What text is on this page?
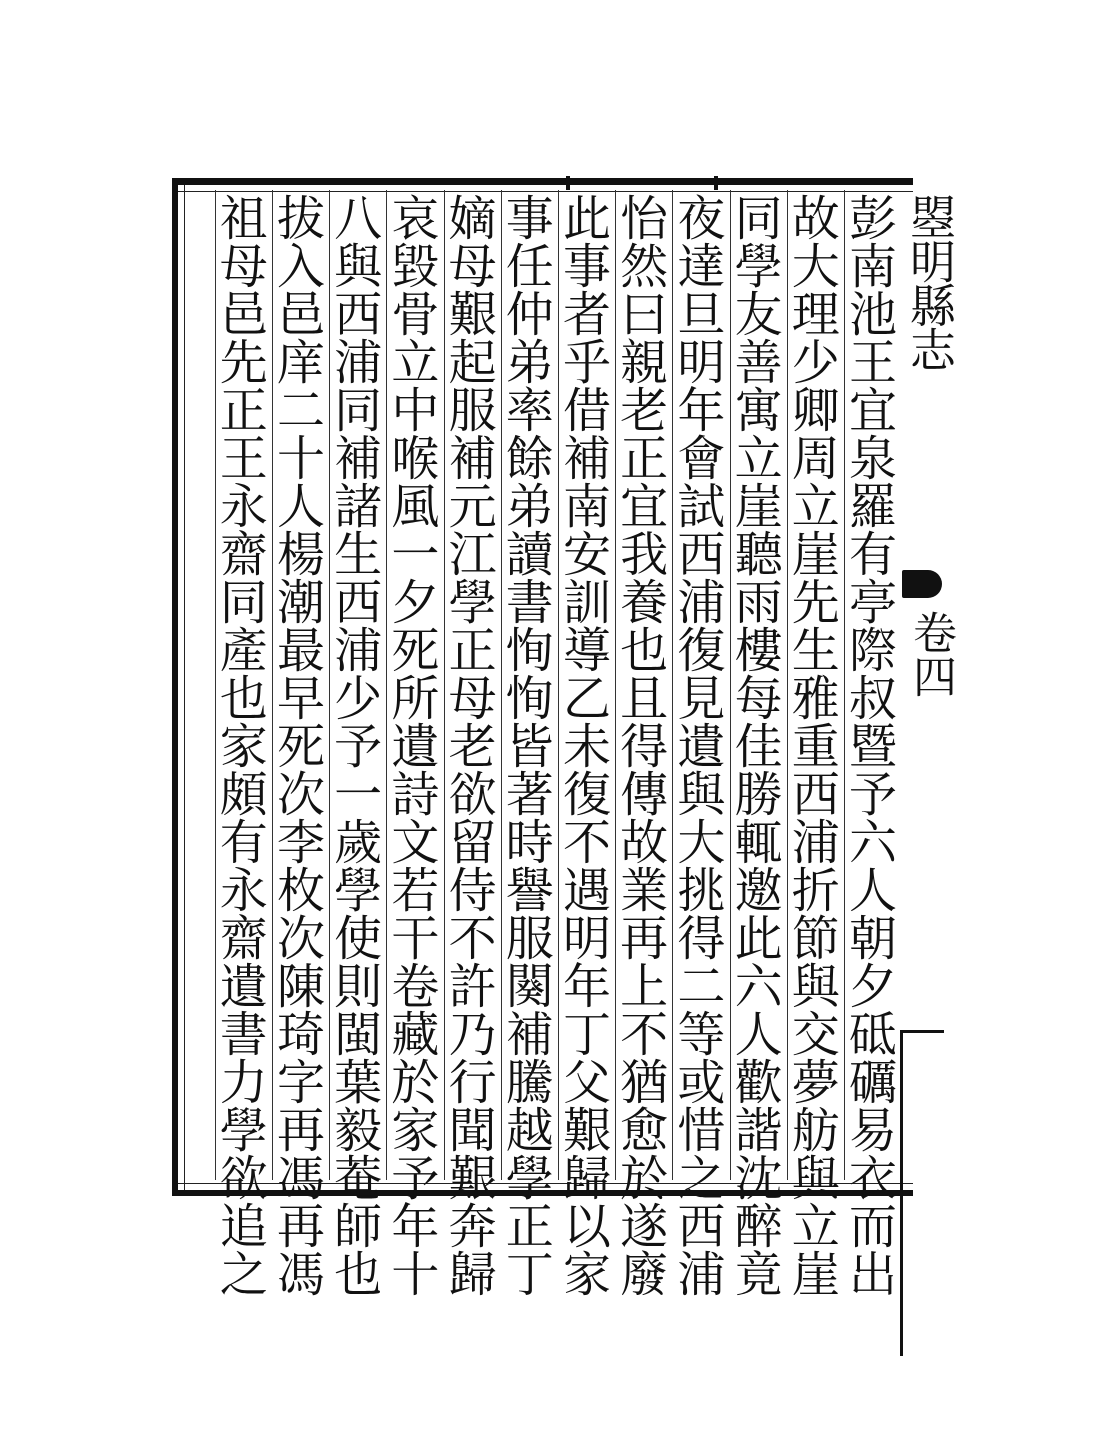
曌明縣志
卷四
彭
南
池
王
宜
泉
羅
有
亭
際
叔
暨
予
六
人
朝
夕
砥
礪
易
衣
而
出
故
大
理
少
卿
周
立
崖
先
生
雅
重
西
浦
折
節
與
交
夢
舫
與
立
崖
同
學
友
善
寓
立
崖
聽
雨
樓
每
佳
勝
輒
邀
此
六
人
歡
諧
沈
醉
竟
夜
達
旦
明
年
會
試
西
浦
復
見
遺
與
大
挑
得
二
等
或
惜
之
西
浦
怡
然
曰
親
老
正
宜
我
養
也
且
得
傳
故
業
再
上
不
猶
愈
於
遂
廢
此
事
者
乎
借
補
南
安
訓
導
乙
未
復
不
遇
明
年
丁
父
艱
歸
以
家
事
任
仲
弟
率
餘
弟
讀
書
恂
恂
皆
著
時
譽
服
闋
補
騰
越
學
正
丁
嫡
母
艱
起
服
補
元
江
學
正
母
老
欲
留
侍
不
許
乃
行
聞
艱
奔
歸
哀
毀
骨
立
中
喉
風
一
夕
死
所
遺
詩
文
若
干
卷
藏
於
家
予
年
十
八
與
西
浦
同
補
諸
生
西
浦
少
予
一
歲
學
使
則
閩
葉
毅
菴
師
也
拔
入
邑
庠
二
十
人
楊
潮
最
早
死
次
李
枚
次
陳
琦
字
再
馮
再
馮
祖
母
邑
先
正
王
永
齋
同
產
也
家
頗
有
永
齋
遺
書
力
學
欲
追
之
